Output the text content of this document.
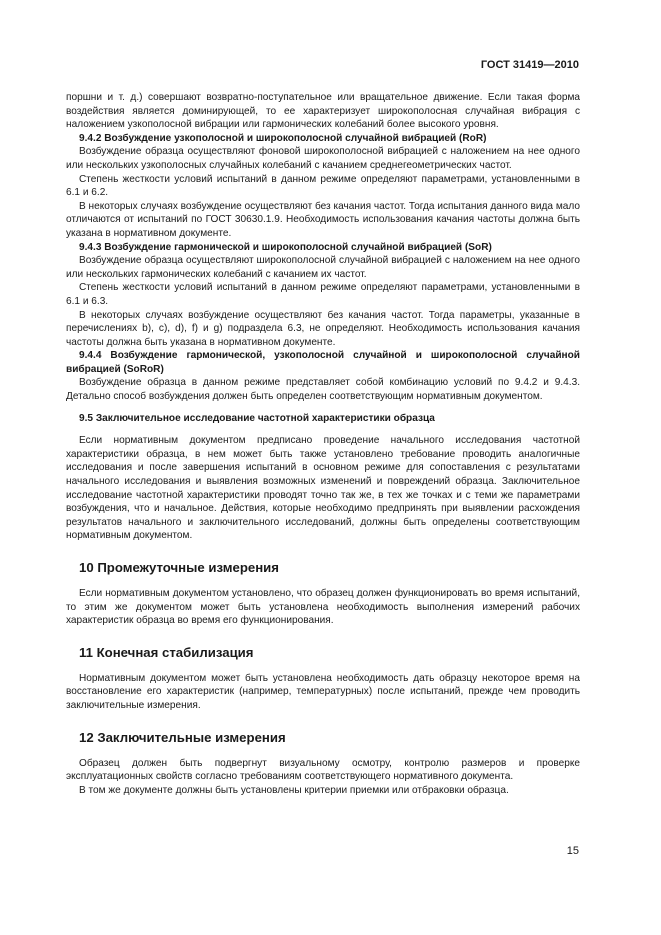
ГОСТ 31419—2010

поршни и т. д.) совершают возвратно-поступательное или вращательное движение. Если такая форма воздействия является доминирующей, то ее характеризует широкополосная случайная вибрация с наложением узкополосной вибрации или гармонических колебаний более высокого уровня.

9.4.2 Возбуждение узкополосной и широкополосной случайной вибрацией (RoR)

Возбуждение образца осуществляют фоновой широкополосной вибрацией с наложением на нее одного или нескольких узкополосных случайных колебаний с качанием среднегеометрических частот.

Степень жесткости условий испытаний в данном режиме определяют параметрами, установленными в 6.1 и 6.2.

В некоторых случаях возбуждение осуществляют без качания частот. Тогда испытания данного вида мало отличаются от испытаний по ГОСТ 30630.1.9. Необходимость использования качания частоты должна быть указана в нормативном документе.

9.4.3 Возбуждение гармонической и широкополосной случайной вибрацией (SoR)

Возбуждение образца осуществляют широкополосной случайной вибрацией с наложением на нее одного или нескольких гармонических колебаний с качанием их частот.

Степень жесткости условий испытаний в данном режиме определяют параметрами, установленными в 6.1 и 6.3.

В некоторых случаях возбуждение осуществляют без качания частот. Тогда параметры, указанные в перечислениях b), c), d), f) и g) подраздела 6.3, не определяют. Необходимость использования качания частоты должна быть указана в нормативном документе.

9.4.4 Возбуждение гармонической, узкополосной случайной и широкополосной случайной вибрацией (SoRoR)

Возбуждение образца в данном режиме представляет собой комбинацию условий по 9.4.2 и 9.4.3. Детально способ возбуждения должен быть определен соответствующим нормативным документом.

9.5 Заключительное исследование частотной характеристики образца

Если нормативным документом предписано проведение начального исследования частотной характеристики образца, в нем может быть также установлено требование проводить аналогичные исследования и после завершения испытаний в основном режиме для сопоставления с результатами начального исследования и выявления возможных изменений и повреждений образца. Заключительное исследование частотной характеристики проводят точно так же, в тех же точках и с теми же параметрами возбуждения, что и начальное. Действия, которые необходимо предпринять при выявлении расхождения результатов начального и заключительного исследований, должны быть определены соответствующим нормативным документом.

10 Промежуточные измерения

Если нормативным документом установлено, что образец должен функционировать во время испытаний, то этим же документом может быть установлена необходимость выполнения измерений рабочих характеристик образца во время его функционирования.

11 Конечная стабилизация

Нормативным документом может быть установлена необходимость дать образцу некоторое время на восстановление его характеристик (например, температурных) после испытаний, прежде чем проводить заключительные измерения.

12 Заключительные измерения

Образец должен быть подвергнут визуальному осмотру, контролю размеров и проверке эксплуатационных свойств согласно требованиям соответствующего нормативного документа.

В том же документе должны быть установлены критерии приемки или отбраковки образца.

15
